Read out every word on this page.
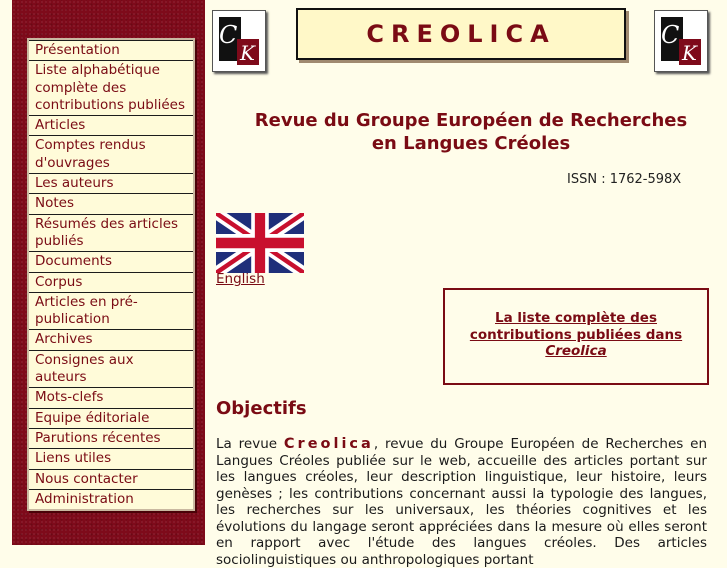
Présentation
Liste alphabétique complète des contributions publiées
Articles
Comptes rendus d'ouvrages
Les auteurs
Notes
Résumés des articles publiés
Documents
Corpus
Articles en pré-publication
Archives
Consignes aux auteurs
Mots-clefs
Equipe éditoriale
Parutions récentes
Liens utiles
Nous contacter
Administration
C
K
CREOLICA	C
K
Revue du Groupe Européen de Recherches
en Langues Créoles
ISSN : 1762-598X
English
La liste complète des
contributions publiées dans
Creolica
Objectifs

La revue Creolica, revue du Groupe Européen de Recherches en Langues Créoles publiée sur le web, accueille des articles portant sur les langues créoles, leur description linguistique, leur histoire, leurs genèses ; les contributions concernant aussi la typologie des langues, les recherches sur les universaux, les théories cognitives et les évolutions du langage seront appréciées dans la mesure où elles seront en rapport avec l'étude des langues créoles. Des articles sociolinguistiques ou anthropologiques portant
